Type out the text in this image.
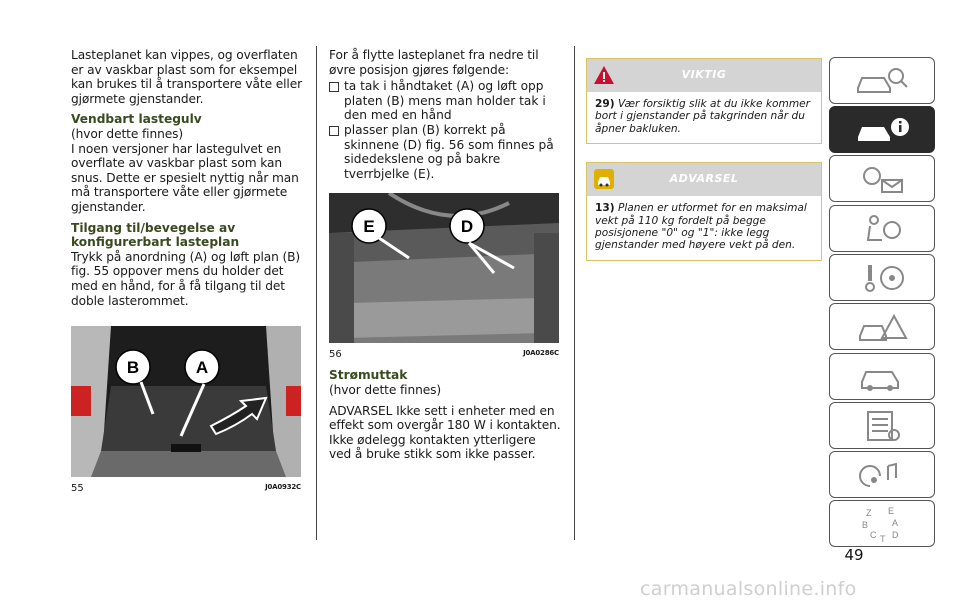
Lasteplanet kan vippes, og overflaten er av vaskbar plast som for eksempel kan brukes til å transportere våte eller gjørmete gjenstander.

Vendbart lastegulv

(hvor dette finnes)

I noen versjoner har lastegulvet en overflate av vaskbar plast som kan snus. Dette er spesielt nyttig når man må transportere våte eller gjørmete gjenstander.

Tilgang til/bevegelse av konfigurerbart lasteplan

Trykk på anordning (A) og løft plan (B) fig. 55 oppover mens du holder det med en hånd, for å få tilgang til det doble lasterommet.

B	A
55	J0A0932C

For å flytte lasteplanet fra nedre til øvre posisjon gjøres følgende:

ta tak i håndtaket (A) og løft opp platen (B) mens man holder tak i den med en hånd
plasser plan (B) korrekt på skinnene (D) fig. 56 som finnes på sidedekslene og på bakre tverrbjelke (E).
E	D
56	J0A0286C
Strømuttak

(hvor dette finnes)

ADVARSEL Ikke sett i enheter med en effekt som overgår 180 W i kontakten. Ikke ødelegg kontakten ytterligere ved å bruke stikk som ikke passer.

VIKTIG
29) Vær forsiktig slik at du ikke kommer bort i gjenstander på takgrinden når du åpner bakluken.
ADVARSEL
13) Planen er utformet for en maksimal vekt på 110 kg fordelt på begge posisjonene "0" og "1": ikke legg gjenstander med høyere vekt på den.
Z E
B	A
C D
T
49
carmanualsonline.info
